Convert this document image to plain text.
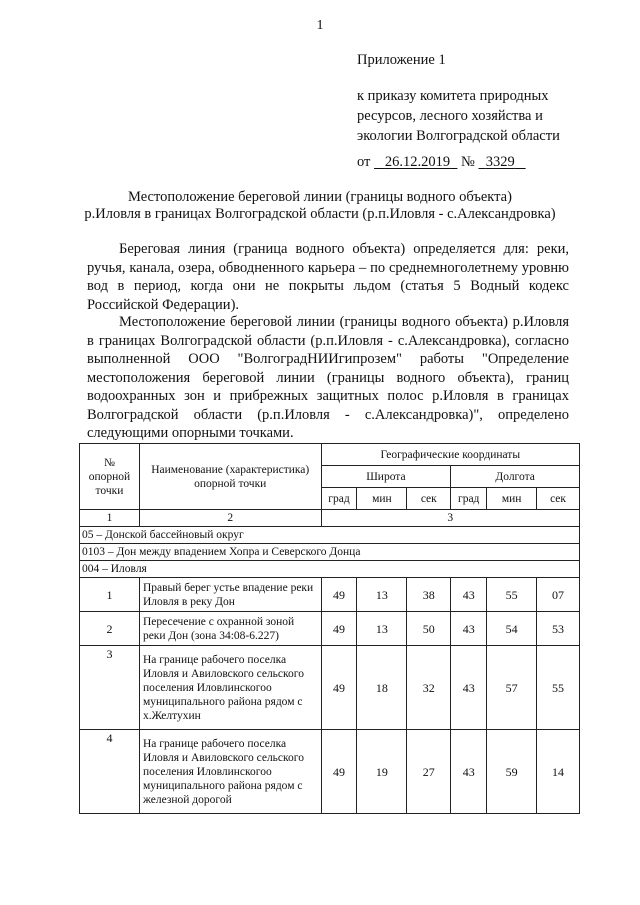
1
Приложение 1
к приказу комитета природных
ресурсов, лесного хозяйства и
экологии Волгоградской области
от 26.12.2019 № 3329
Местоположение береговой линии (границы водного объекта)
р.Иловля в границах Волгоградской области (р.п.Иловля - с.Александровка)
Береговая линия (граница водного объекта) определяется для: реки, ручья, канала, озера, обводненного карьера – по среднемноголетнему уровню вод в период, когда они не покрыты льдом (статья 5 Водный кодекс Российской Федерации).
Местоположение береговой линии (границы водного объекта) р.Иловля в границах Волгоградской области (р.п.Иловля - с.Александровка), согласно выполненной ООО "ВолгоградНИИгипрозем" работы "Определение местоположения береговой линии (границы водного объекта), границ водоохранных зон и прибрежных защитных полос р.Иловля в границах Волгоградской области (р.п.Иловля - с.Александровка)", определено следующими опорными точками.
№ опорной точки	Наименование (характеристика) опорной точки	Географические координаты					
		Широта			Долгота		
		град	мин	сек	град	мин	сек
1	2	3					
05 – Донской бассейновый округ							
0103 – Дон между впадением Хопра и Северского Донца							
004 – Иловля							
1	Правый берег устье впадение реки Иловля в реку Дон	49	13	38	43	55	07
2	Пересечение с охранной зоной реки Дон (зона 34:08-6.227)	49	13	50	43	54	53
3	На границе рабочего поселка Иловля и Авиловского сельского поселения Иловлинскогоо муниципального района рядом с х.Желтухин	49	18	32	43	57	55
4	На границе рабочего поселка Иловля и Авиловского сельского поселения Иловлинскогоо муниципального района рядом с железной дорогой	49	19	27	43	59	14
